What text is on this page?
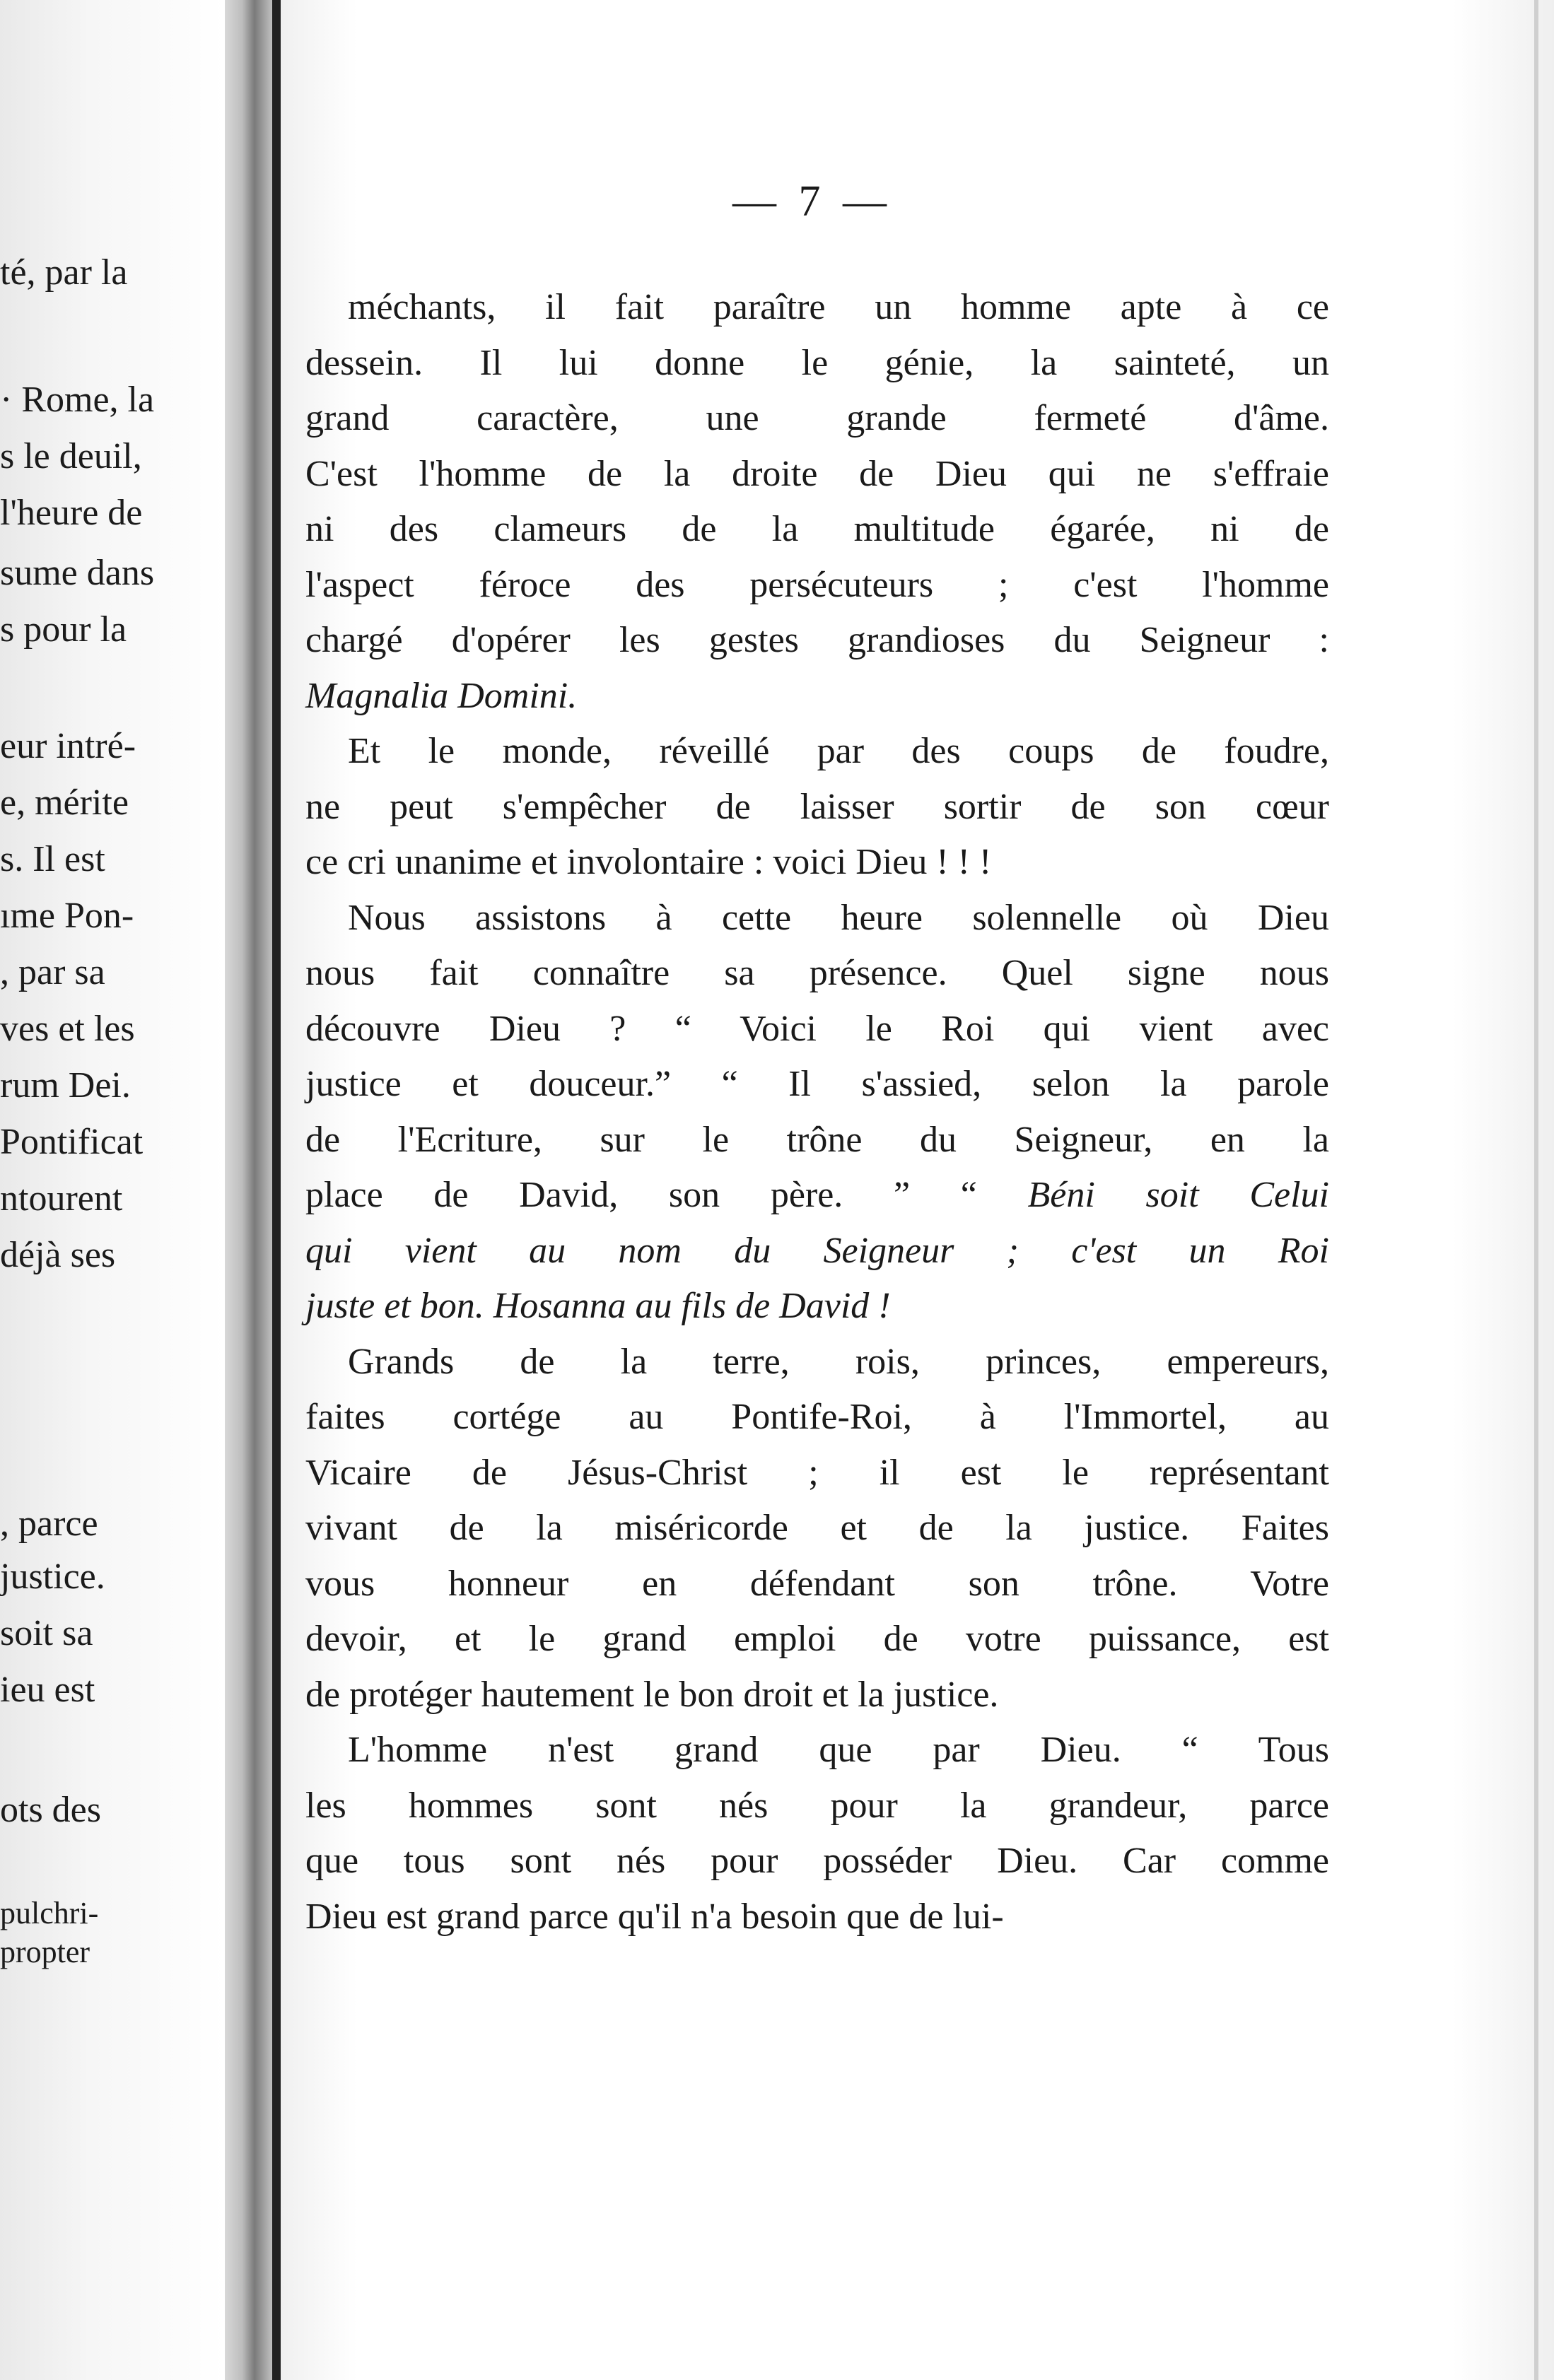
té, par la
· Rome, la
s le deuil,
l'heure de
sume dans
s pour la
eur intré-
e, mérite
s. Il est
ıme Pon-
, par sa
ves et les
rum Dei.
Pontificat
ntourent
déjà ses
, parce
justice.
soit sa
ieu est
ots des
pulchri-
propter
— 7 —
méchants, il fait paraître un homme apte à ce
dessein. Il lui donne le génie, la sainteté, un
grand caractère, une grande fermeté d'âme.
C'est l'homme de la droite de Dieu qui ne s'effraie
ni des clameurs de la multitude égarée, ni de
l'aspect féroce des persécuteurs ; c'est l'homme
chargé d'opérer les gestes grandioses du Seigneur :
Magnalia Domini.
Et le monde, réveillé par des coups de foudre,
ne peut s'empêcher de laisser sortir de son cœur
ce cri unanime et involontaire : voici Dieu ! ! !
Nous assistons à cette heure solennelle où Dieu
nous fait connaître sa présence. Quel signe nous
découvre Dieu ? “ Voici le Roi qui vient avec
justice et douceur.” “ Il s'assied, selon la parole
de l'Ecriture, sur le trône du Seigneur, en la
place de David, son père. ” “ Béni soit Celui
qui vient au nom du Seigneur ; c'est un Roi
juste et bon. Hosanna au fils de David !
Grands de la terre, rois, princes, empereurs,
faites cortége au Pontife-Roi, à l'Immortel, au
Vicaire de Jésus-Christ ; il est le représentant
vivant de la miséricorde et de la justice. Faites
vous honneur en défendant son trône. Votre
devoir, et le grand emploi de votre puissance, est
de protéger hautement le bon droit et la justice.
L'homme n'est grand que par Dieu. “ Tous
les hommes sont nés pour la grandeur, parce
que tous sont nés pour posséder Dieu. Car comme
Dieu est grand parce qu'il n'a besoin que de lui-
